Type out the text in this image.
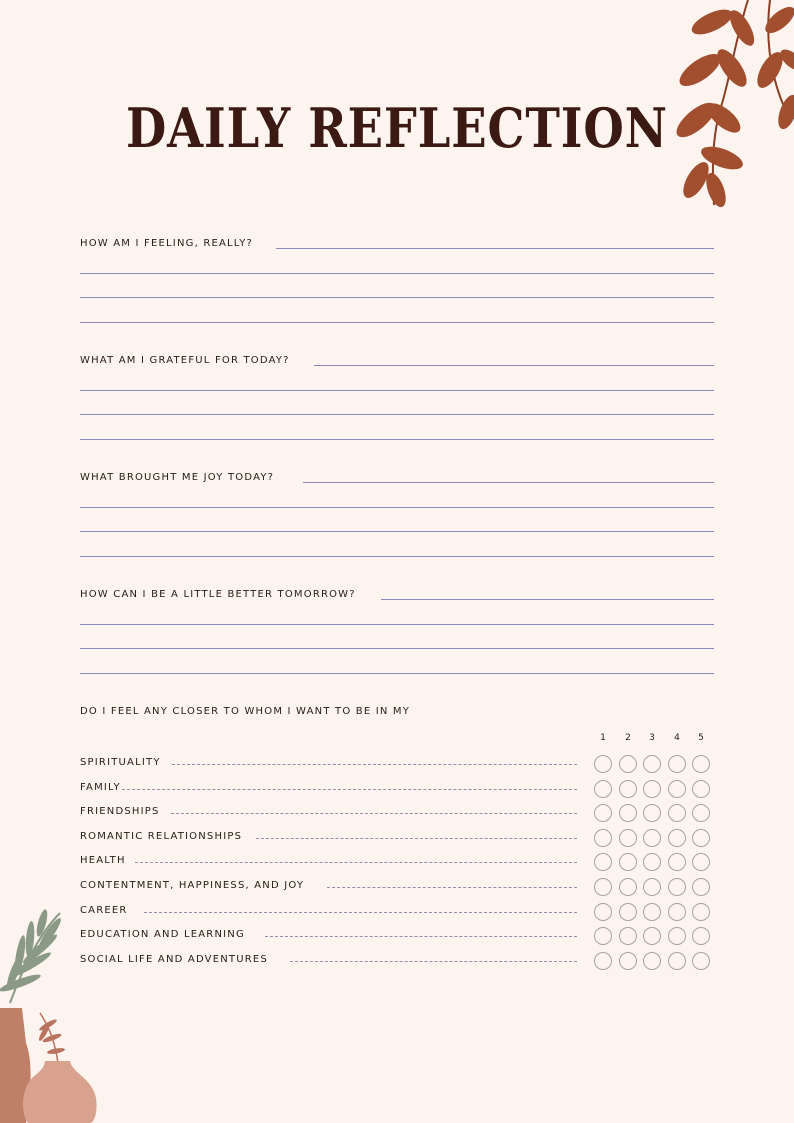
DAILY REFLECTION
HOW AM I FEELING, REALLY?
WHAT AM I GRATEFUL FOR TODAY?
WHAT BROUGHT ME JOY TODAY?
HOW CAN I BE A LITTLE BETTER TOMORROW?
DO I FEEL ANY CLOSER TO WHOM I WANT TO BE IN MY
1	2	3	4	5
SPIRITUALITY
FAMILY
FRIENDSHIPS
ROMANTIC RELATIONSHIPS
HEALTH
CONTENTMENT, HAPPINESS, AND JOY
CAREER
EDUCATION AND LEARNING
SOCIAL LIFE AND ADVENTURES
